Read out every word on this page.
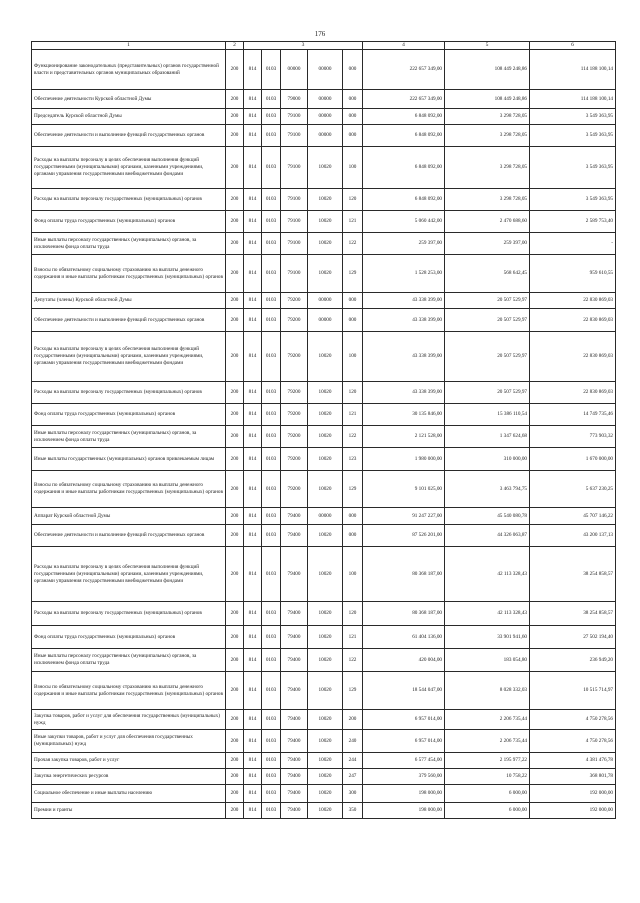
176
1	2	3					4	5	6
Функционирование законодательных (представительных) органов государственной власти и представительных органов муниципальных образований	200	814	0103	00000	00000	000	222 657 349,00	108 449 248,86	114 188 100,14
Обеспечение деятельности Курской областной Думы	200	814	0103	79000	00000	000	222 657 349,00	108 449 248,86	114 188 100,14
Председатель Курской областной Думы	200	814	0103	79100	00000	000	6 848 092,00	3 298 728,05	3 549 363,95
Обеспечение деятельности и выполнение функций государственных органов	200	814	0103	79100	00000	000	6 848 092,00	3 298 728,05	3 549 363,95
Расходы на выплаты персоналу в целях обеспечения выполнения функций государственными (муниципальными) органами, казенными учреждениями, органами управления государственными внебюджетными фондами	200	814	0103	79100	10020	100	6 848 092,00	3 298 728,05	3 549 363,95
Расходы на выплаты персоналу государственных (муниципальных) органов	200	814	0103	79100	10020	120	6 848 092,00	3 298 728,05	3 549 363,95
Фонд оплаты труда государственных (муниципальных) органов	200	814	0103	79100	10020	121	5 060 442,00	2 470 688,60	2 589 753,40
Иные выплаты персоналу государственных (муниципальных) органов, за исключением фонда оплаты труда	200	814	0103	79100	10020	122	259 397,00	259 397,00	-
Взносы по обязательному социальному страхованию на выплаты денежного содержания и иные выплаты работникам государственных (муниципальных) органов	200	814	0103	79100	10020	129	1 528 253,00	568 642,45	959 610,55
Депутаты (члены) Курской областной Думы	200	814	0103	79200	00000	000	43 338 399,00	20 507 529,97	22 830 869,03
Обеспечение деятельности и выполнение функций государственных органов	200	814	0103	79200	00000	000	43 338 399,00	20 507 529,97	22 830 869,03
Расходы на выплаты персоналу в целях обеспечения выполнения функций государственными (муниципальными) органами, казенными учреждениями, органами управления государственными внебюджетными фондами	200	814	0103	79200	10020	100	43 338 399,00	20 507 529,97	22 830 869,03
Расходы на выплаты персоналу государственных (муниципальных) органов	200	814	0103	79200	10020	120	43 338 399,00	20 507 529,97	22 830 869,03
Фонд оплаты труда государственных (муниципальных) органов	200	814	0103	79200	10020	121	30 135 846,00	15 386 110,54	14 749 735,46
Иные выплаты персоналу государственных (муниципальных) органов, за исключением фонда оплаты труда	200	814	0103	79200	10020	122	2 121 528,00	1 347 624,68	773 903,32
Иные выплаты государственных (муниципальных) органов привлекаемым лицам	200	814	0103	79200	10020	123	1 980 000,00	310 000,00	1 670 000,00
Взносы по обязательному социальному страхованию на выплаты денежного содержания и иные выплаты работникам государственных (муниципальных) органов	200	814	0103	79200	10020	129	9 101 025,00	3 463 794,75	5 637 230,25
Аппарат Курской областной Думы	200	814	0103	79400	00000	000	91 247 227,00	45 540 080,78	45 707 146,22
Обеспечение деятельности и выполнение функций государственных органов	200	814	0103	79400	10020	000	87 526 201,00	44 326 063,87	43 200 137,13
Расходы на выплаты персоналу в целях обеспечения выполнения функций государственными (муниципальными) органами, казенными учреждениями, органами управления государственными внебюджетными фондами	200	814	0103	79400	10020	100	80 368 187,00	42 113 328,43	38 254 858,57
Расходы на выплаты персоналу государственных (муниципальных) органов	200	814	0103	79400	10020	120	80 368 187,00	42 113 328,43	38 254 858,57
Фонд оплаты труда государственных (муниципальных) органов	200	814	0103	79400	10020	121	61 404 136,00	33 901 941,60	27 502 194,40
Иные выплаты персоналу государственных (муниципальных) органов, за исключением фонда оплаты труда	200	814	0103	79400	10020	122	420 004,00	183 054,80	236 949,20
Взносы по обязательному социальному страхованию на выплаты денежного содержания и иные выплаты работникам государственных (муниципальных) органов	200	814	0103	79400	10020	129	18 544 047,00	8 028 332,03	10 515 714,97
Закупка товаров, работ и услуг для обеспечения государственных (муниципальных) нужд	200	814	0103	79400	10020	200	6 957 014,00	2 206 735,44	4 750 278,56
Иные закупки товаров, работ и услуг для обеспечения государственных (муниципальных) нужд	200	814	0103	79400	10020	240	6 957 014,00	2 206 735,44	4 750 278,56
Прочая закупка товаров, работ и услуг	200	814	0103	79400	10020	244	6 577 454,00	2 195 977,22	4 381 476,78
Закупка энергетических ресурсов	200	814	0103	79400	10020	247	379 560,00	10 758,22	368 801,78
Социальное обеспечение и иные выплаты населению	200	814	0103	79400	10020	300	198 000,00	6 000,00	192 000,00
Премии и гранты	200	814	0103	79400	10020	350	198 000,00	6 000,00	192 000,00
